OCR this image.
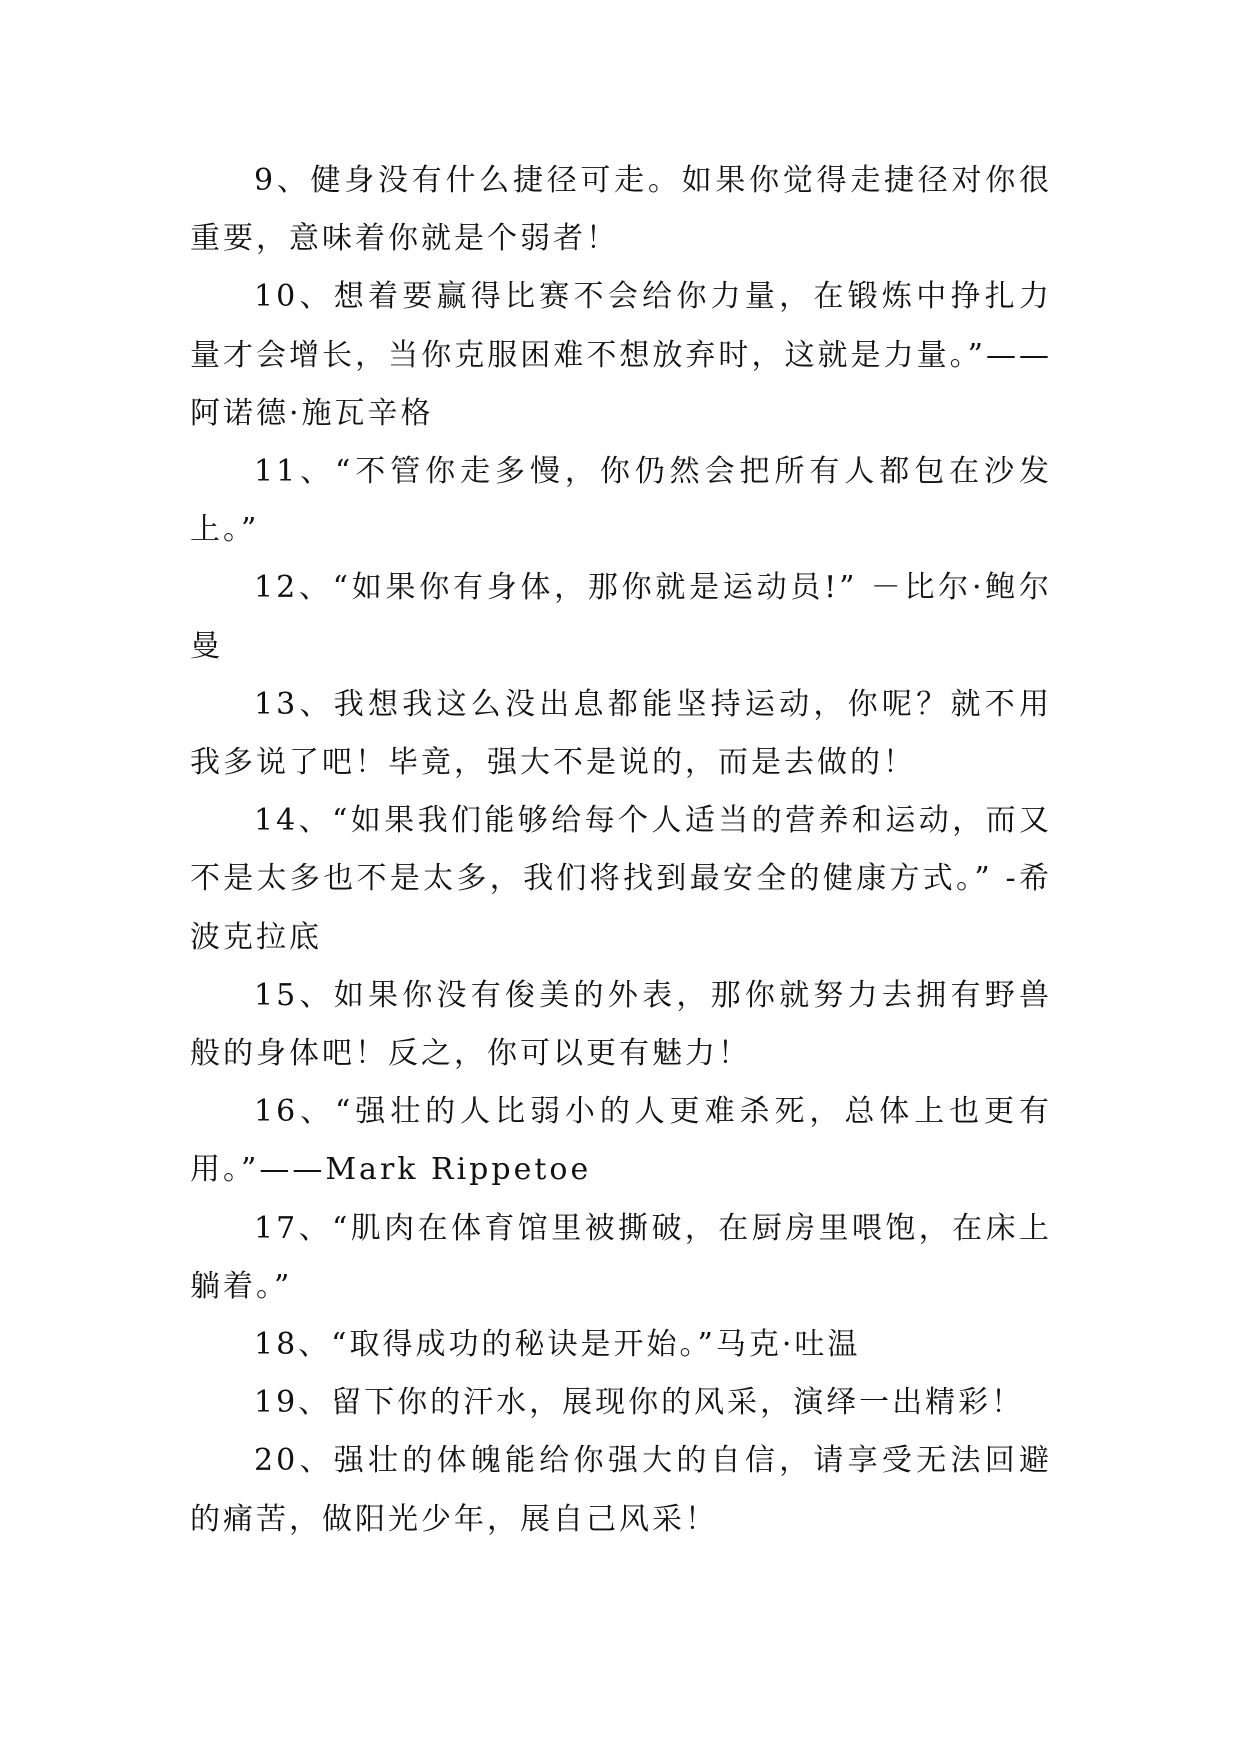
9、健身没有什么捷径可走。如果你觉得走捷径对你很重要，意味着你就是个弱者！

10、想着要赢得比赛不会给你力量，在锻炼中挣扎力量才会增长，当你克服困难不想放弃时，这就是力量。”——阿诺德·施瓦辛格

11、“不管你走多慢，你仍然会把所有人都包在沙发上。”

12、“如果你有身体，那你就是运动员!” －比尔·鲍尔曼

13、我想我这么没出息都能坚持运动，你呢？就不用我多说了吧！毕竟，强大不是说的，而是去做的！

14、“如果我们能够给每个人适当的营养和运动，而又不是太多也不是太多，我们将找到最安全的健康方式。” -希波克拉底

15、如果你没有俊美的外表，那你就努力去拥有野兽般的身体吧！反之，你可以更有魅力！

16、“强壮的人比弱小的人更难杀死，总体上也更有用。”——Mark Rippetoe

17、“肌肉在体育馆里被撕破，在厨房里喂饱，在床上躺着。”

18、“取得成功的秘诀是开始。”马克·吐温

19、留下你的汗水，展现你的风采，演绎一出精彩！

20、强壮的体魄能给你强大的自信，请享受无法回避的痛苦，做阳光少年，展自己风采！
